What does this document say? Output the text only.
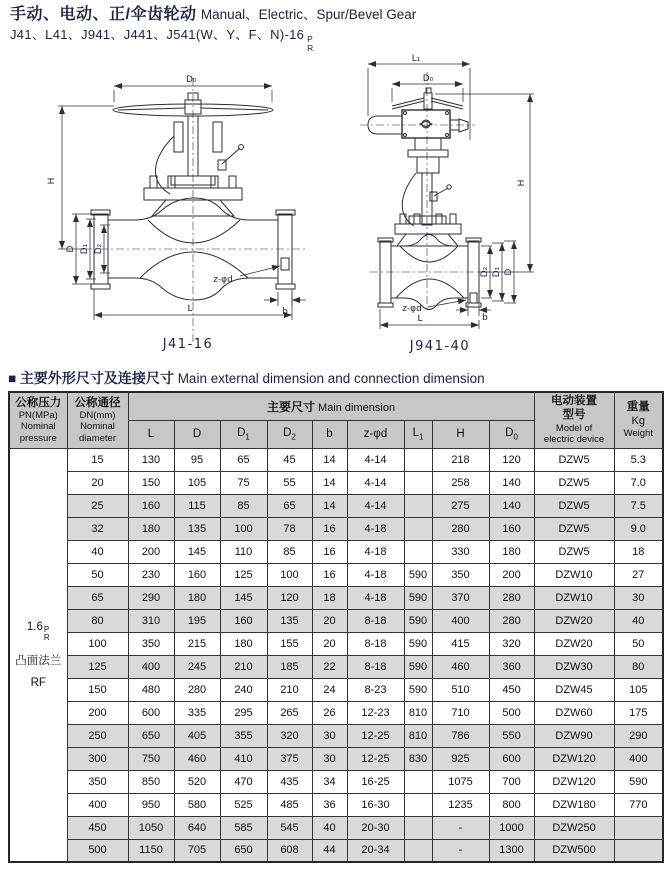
手动、电动、正/伞齿轮动 Manual、Electric、Spur/Bevel Gear
J41、L41、J941、J441、J541(W、Y、F、N)-16 P
R
D₀
H
D D₁ D₂
L
z-φd
b
J41-16
L₁
D₀
H
D₂ D₁ D
z-φd
b
L
J941-40
■ 主要外形尺寸及连接尺寸 Main external dimension and connection dimension
公称压力
PN(MPa)
Nominal
pressure	公称通径
DN(mm)
Nominal
diameter	主要尺寸 Main dimension									电动装置
型号
Model of
electric device	重量
Kg
Weight

		L	D	$D_1$	$D_2$	b	z-φd	$L_1$	H	$D_0$

1.6 P
R
凸面法兰
RF	15	130	95	65	45	14	4-14		218	120	DZW5	5.3
	20	150	105	75	55	14	4-14		258	140	DZW5	7.0
	25	160	115	85	65	14	4-14		275	140	DZW5	7.5
	32	180	135	100	78	16	4-18		280	160	DZW5	9.0
	40	200	145	110	85	16	4-18		330	180	DZW5	18
	50	230	160	125	100	16	4-18	590	350	200	DZW10	27
	65	290	180	145	120	18	4-18	590	370	280	DZW10	30
	80	310	195	160	135	20	8-18	590	400	280	DZW20	40
	100	350	215	180	155	20	8-18	590	415	320	DZW20	50
	125	400	245	210	185	22	8-18	590	460	360	DZW30	80
	150	480	280	240	210	24	8-23	590	510	450	DZW45	105
	200	600	335	295	265	26	12-23	810	710	500	DZW60	175
	250	650	405	355	320	30	12-25	810	786	550	DZW90	290
	300	750	460	410	375	30	12-25	830	925	600	DZW120	400
	350	850	520	470	435	34	16-25		1075	700	DZW120	590
	400	950	580	525	485	36	16-30		1235	800	DZW180	770
	450	1050	640	585	545	40	20-30		-	1000	DZW250	
	500	1150	705	650	608	44	20-34		-	1300	DZW500	
